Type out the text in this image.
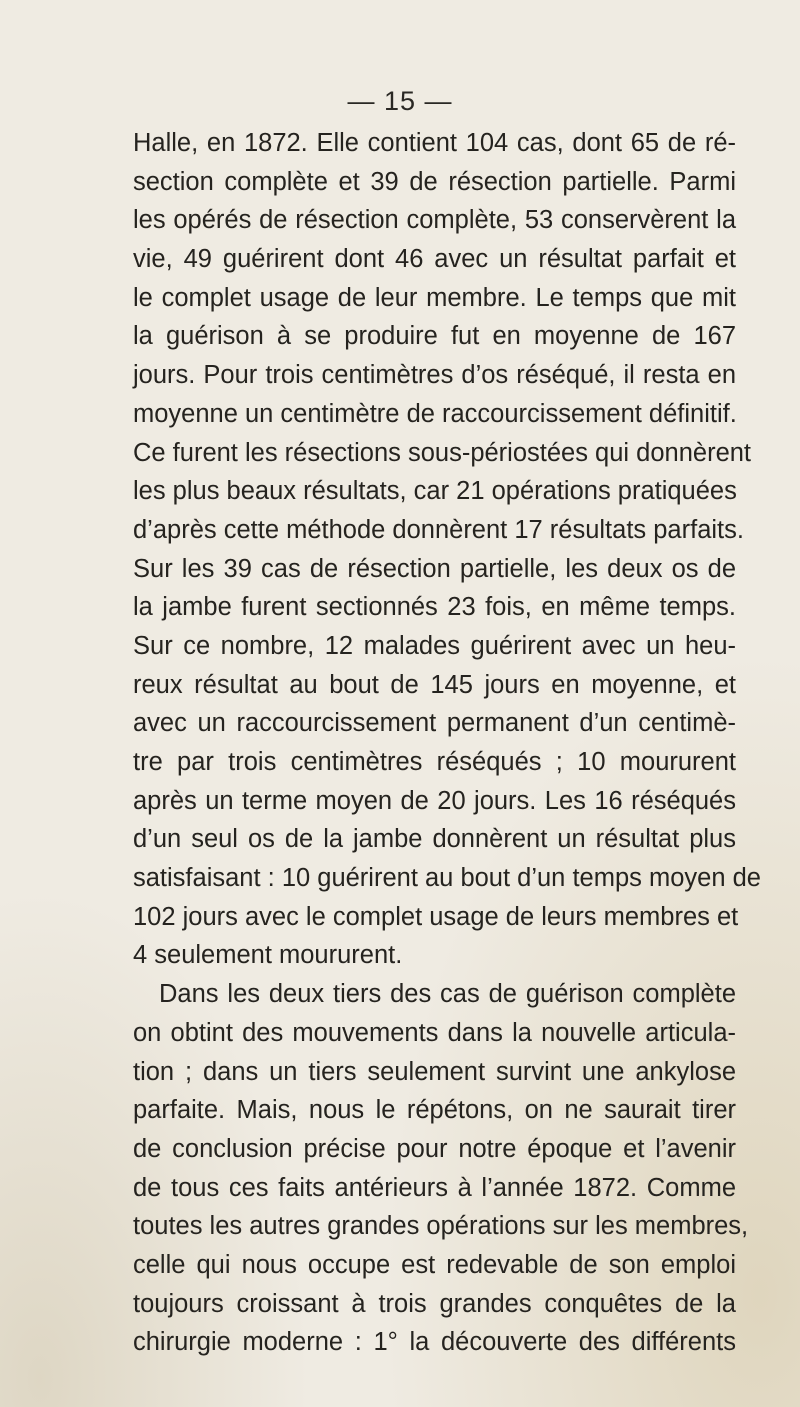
— 15 —
Halle, en 1872. Elle contient 104 cas, dont 65 de ré-
section complète et 39 de résection partielle. Parmi
les opérés de résection complète, 53 conservèrent la
vie, 49 guérirent dont 46 avec un résultat parfait et
le complet usage de leur membre. Le temps que mit
la guérison à se produire fut en moyenne de 167
jours. Pour trois centimètres d’os réséqué, il resta en
moyenne un centimètre de raccourcissement définitif.
Ce furent les résections sous-périostées qui donnèrent
les plus beaux résultats, car 21 opérations pratiquées
d’après cette méthode donnèrent 17 résultats parfaits.
Sur les 39 cas de résection partielle, les deux os de
la jambe furent sectionnés 23 fois, en même temps.
Sur ce nombre, 12 malades guérirent avec un heu-
reux résultat au bout de 145 jours en moyenne, et
avec un raccourcissement permanent d’un centimè-
tre par trois centimètres réséqués ; 10 moururent
après un terme moyen de 20 jours. Les 16 réséqués
d’un seul os de la jambe donnèrent un résultat plus
satisfaisant : 10 guérirent au bout d’un temps moyen de
102 jours avec le complet usage de leurs membres et
4 seulement moururent.
Dans les deux tiers des cas de guérison complète
on obtint des mouvements dans la nouvelle articula-
tion ; dans un tiers seulement survint une ankylose
parfaite. Mais, nous le répétons, on ne saurait tirer
de conclusion précise pour notre époque et l’avenir
de tous ces faits antérieurs à l’année 1872. Comme
toutes les autres grandes opérations sur les membres,
celle qui nous occupe est redevable de son emploi
toujours croissant à trois grandes conquêtes de la
chirurgie moderne : 1° la découverte des différents
